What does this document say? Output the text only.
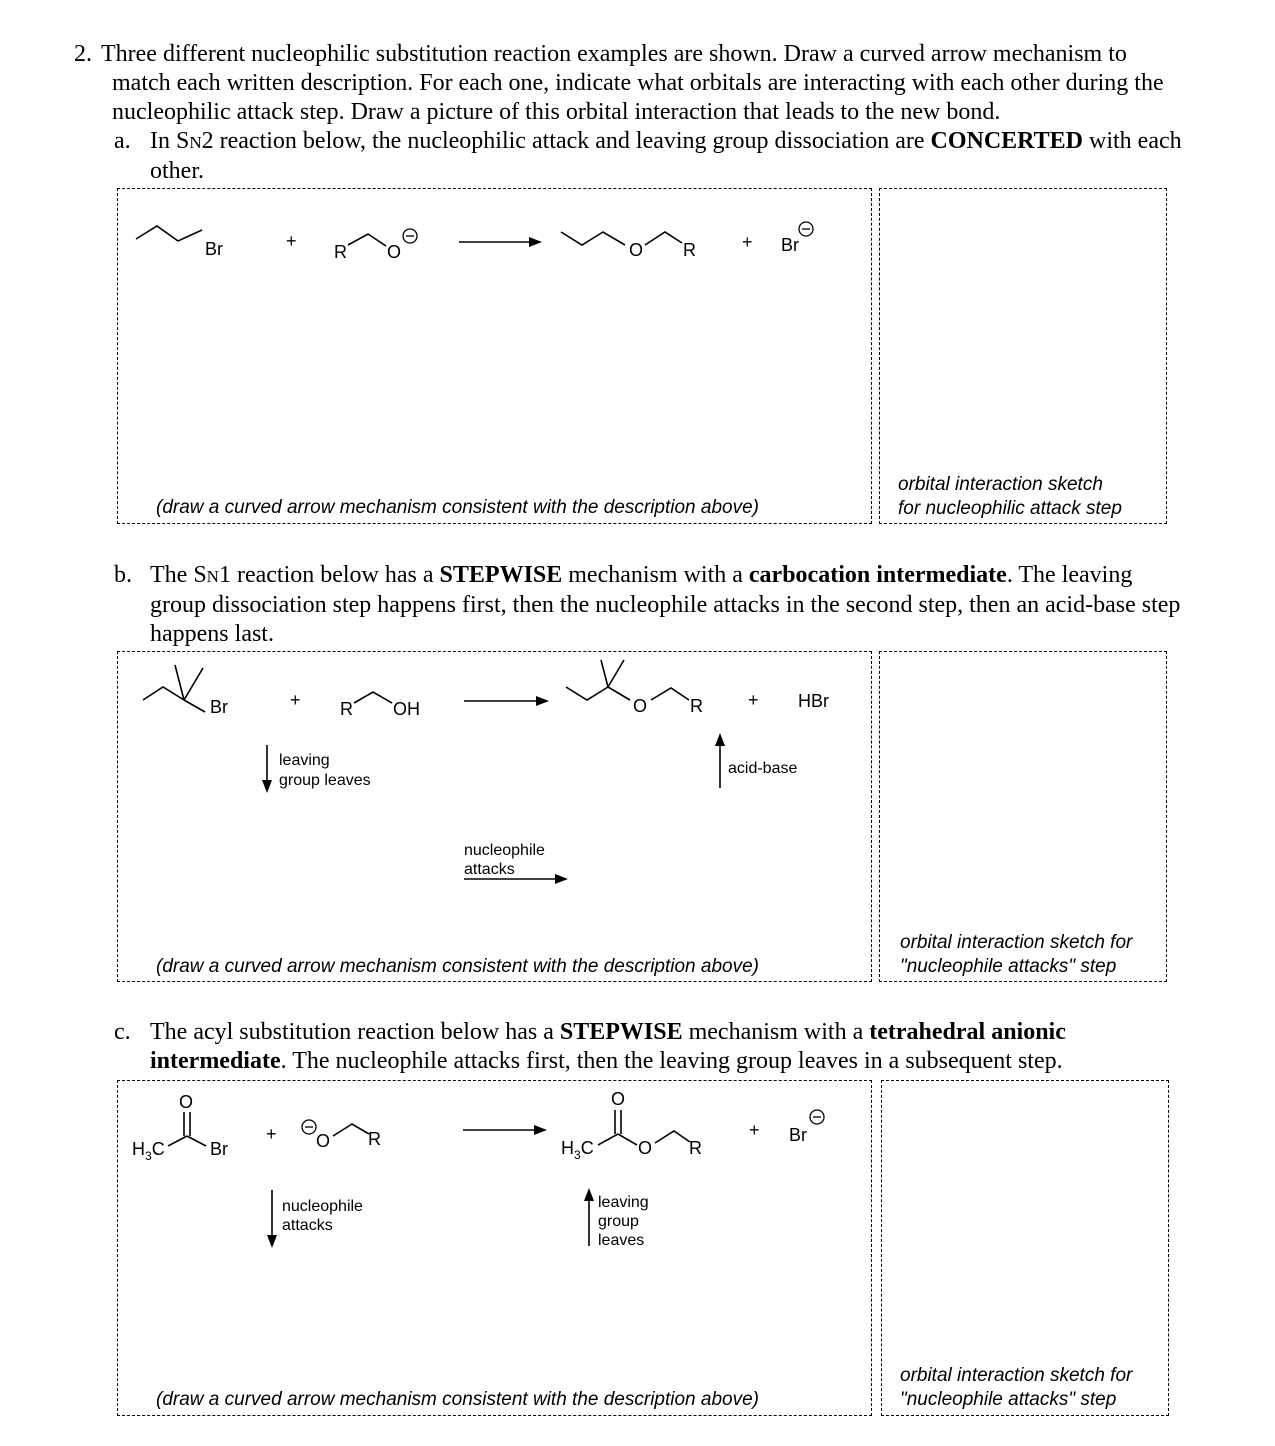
2. Three different nucleophilic substitution reaction examples are shown. Draw a curved arrow mechanism to match each written description. For each one, indicate what orbitals are interacting with each other during the nucleophilic attack step. Draw a picture of this orbital interaction that leads to the new bond.
a. In SN2 reaction below, the nucleophilic attack and leaving group dissociation are CONCERTED with each other.
(draw a curved arrow mechanism consistent with the description above)
orbital interaction sketch
for nucleophilic attack step
Br	+
R O	O R	+ Br
b. The SN1 reaction below has a STEPWISE mechanism with a carbocation intermediate. The leaving group dissociation step happens first, then the nucleophile attacks in the second step, then an acid-base step happens last.
(draw a curved arrow mechanism consistent with the description above)
orbital interaction sketch for
"nucleophile attacks" step
Br	+ R OH	O R	+ HBr
leaving
group leaves
acid-base
nucleophile
attacks
c. The acyl substitution reaction below has a STEPWISE mechanism with a tetrahedral anionic intermediate. The nucleophile attacks first, then the leaving group leaves in a subsequent step.
(draw a curved arrow mechanism consistent with the description above)
orbital interaction sketch for
"nucleophile attacks" step
O
$H_3C$	Br
+ O R
O
$H_3C$ O R
+ Br
nucleophile
attacks
leaving
group
leaves
